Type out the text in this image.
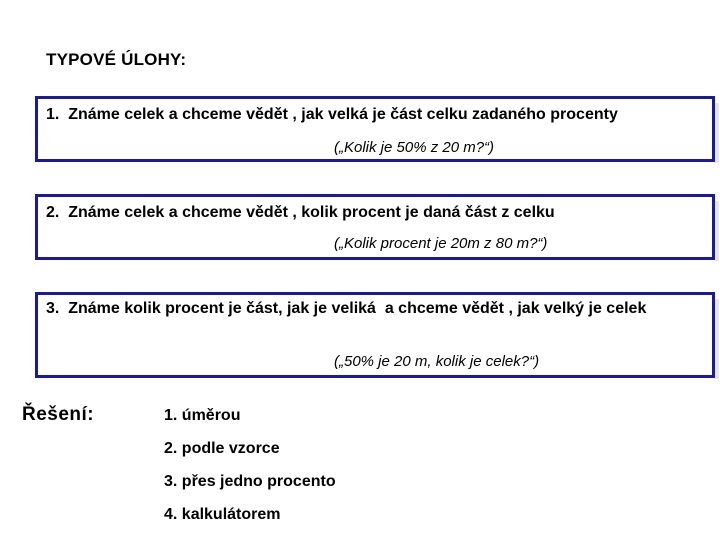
TYPOVÉ ÚLOHY:
1.  Známe celek a chceme vědět , jak velká je část celku zadaného procenty
(„Kolik je 50% z 20 m?“)
2.  Známe celek a chceme vědět , kolik procent je daná část z celku
(„Kolik procent je 20m z 80 m?“)
3.  Známe kolik procent je část, jak je veliká  a chceme vědět , jak velký je celek
(„50% je 20 m, kolik je celek?“)
Řešení:	1. úměrou
2. podle vzorce
3. přes jedno procento
4. kalkulátorem
